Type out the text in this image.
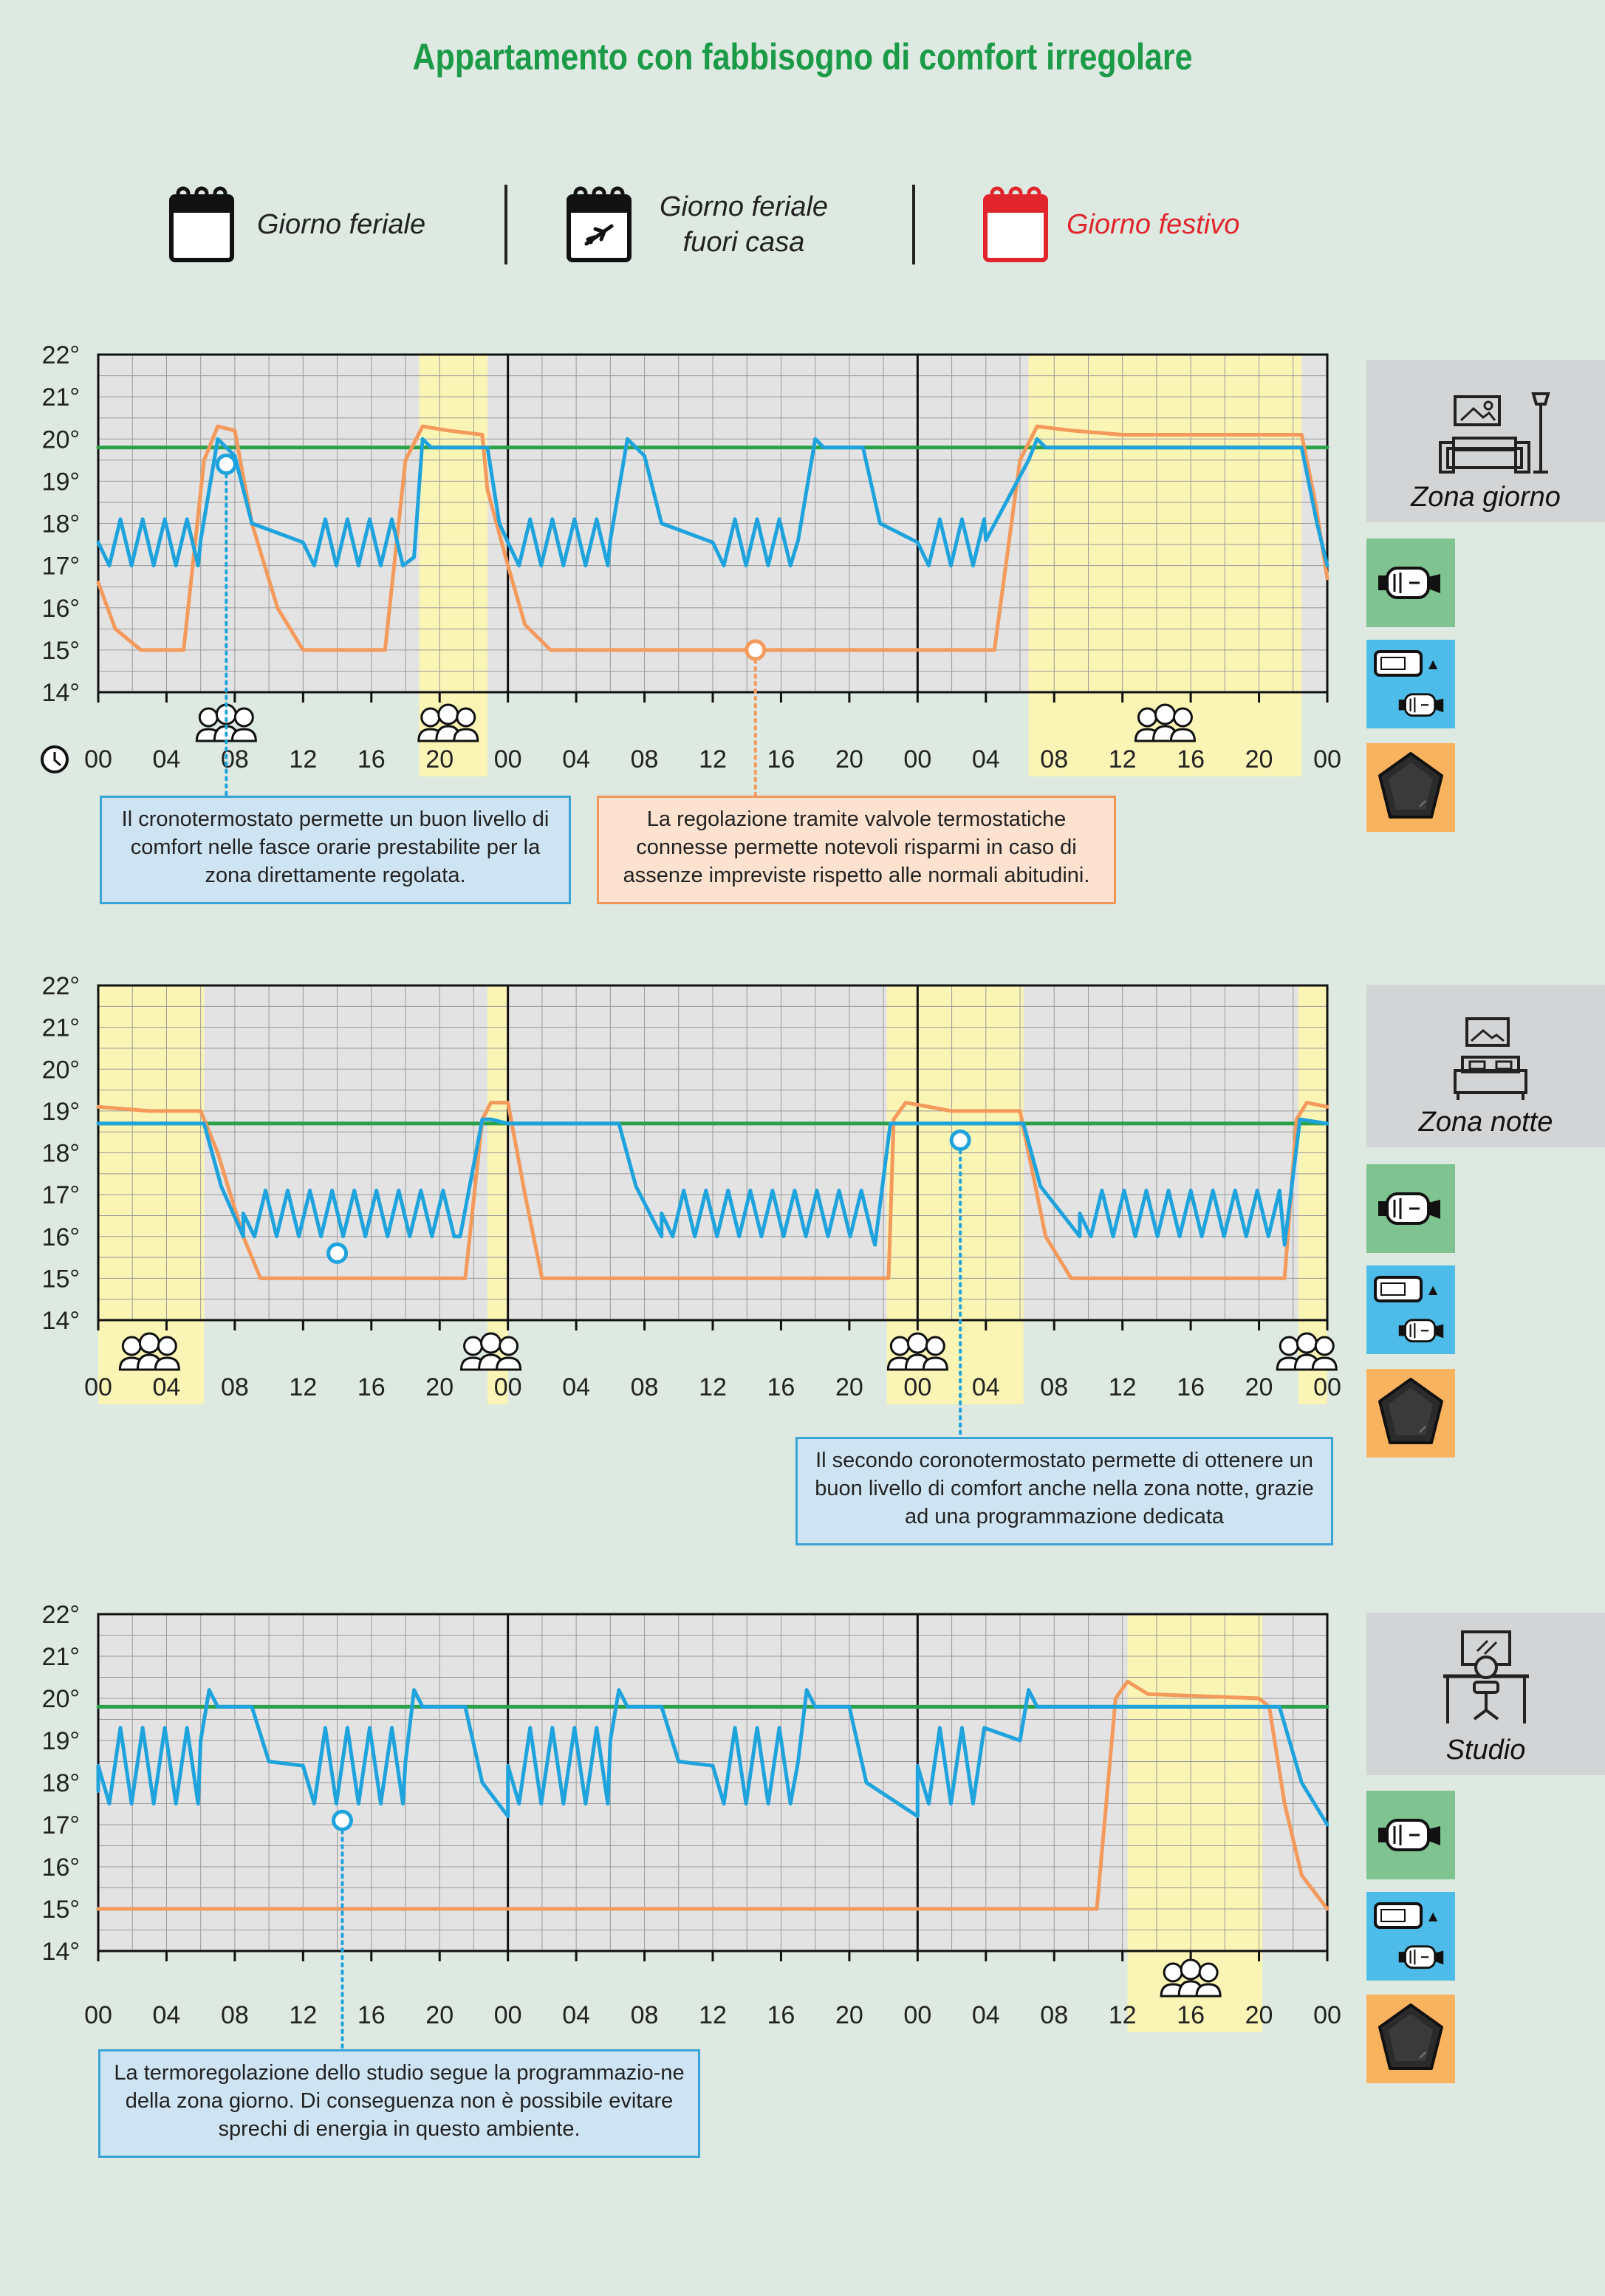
22°
21°
20°
19°
18°
17°
16°
15°
14°
00 04 08 12 16 20 00 04 08 12 16 20 00 04 08 12 16 20 00
22°
21°
20°
19°
18°
17°
16°
15°
14°
00 04 08 12 16 20 00 04 08 12 16 20 00 04 08 12 16 20 00
22°
21°
20°
19°
18°
17°
16°
15°
14°
00 04 08 12 16 20 00 04 08 12 16 20 00 04 08 12 16 20 00
Appartamento con fabbisogno di comfort irregolare
Giorno feriale
Giorno feriale fuori casa
Giorno festivo
Zona giorno
Zona notte
Studio
▲
▲
▲
Il cronotermostato permette un buon livello di comfort nelle fasce orarie prestabilite per la zona direttamente regolata.
La regolazione tramite valvole termostatiche connesse permette notevoli risparmi in caso di assenze impreviste rispetto alle normali abitudini.
Il secondo coronotermostato permette di ottenere un buon livello di comfort anche nella zona notte, grazie ad una programmazione dedicata
La termoregolazione dello studio segue la programmazio-ne della zona giorno. Di conseguenza non è possibile evitare sprechi di energia in questo ambiente.
